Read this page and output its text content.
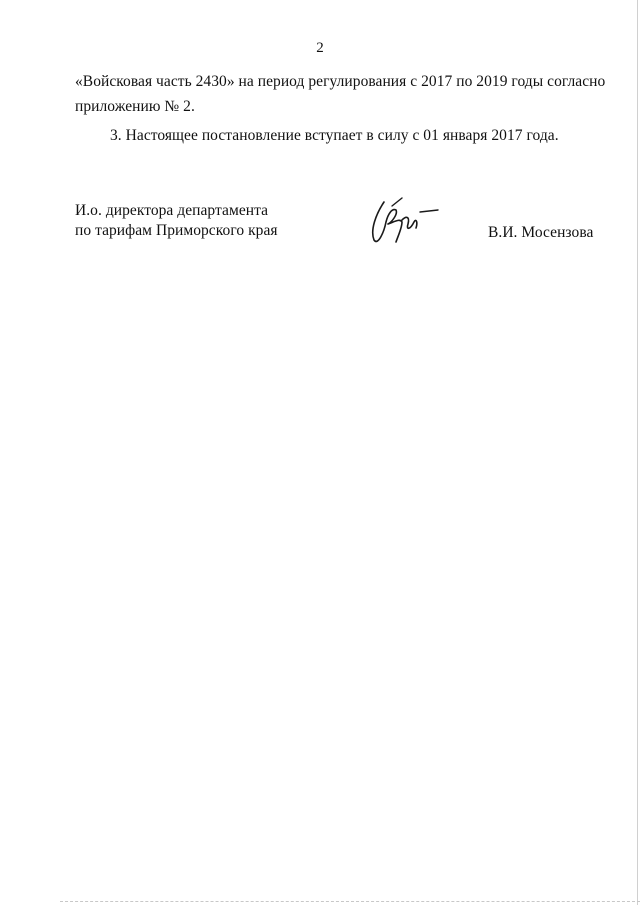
2
«Войсковая часть 2430» на период регулирования с 2017 по 2019 годы согласно
приложению № 2.
3. Настоящее постановление вступает в силу с 01 января 2017 года.
И.о. директора департамента
по тарифам Приморского края	В.И. Мосензова
